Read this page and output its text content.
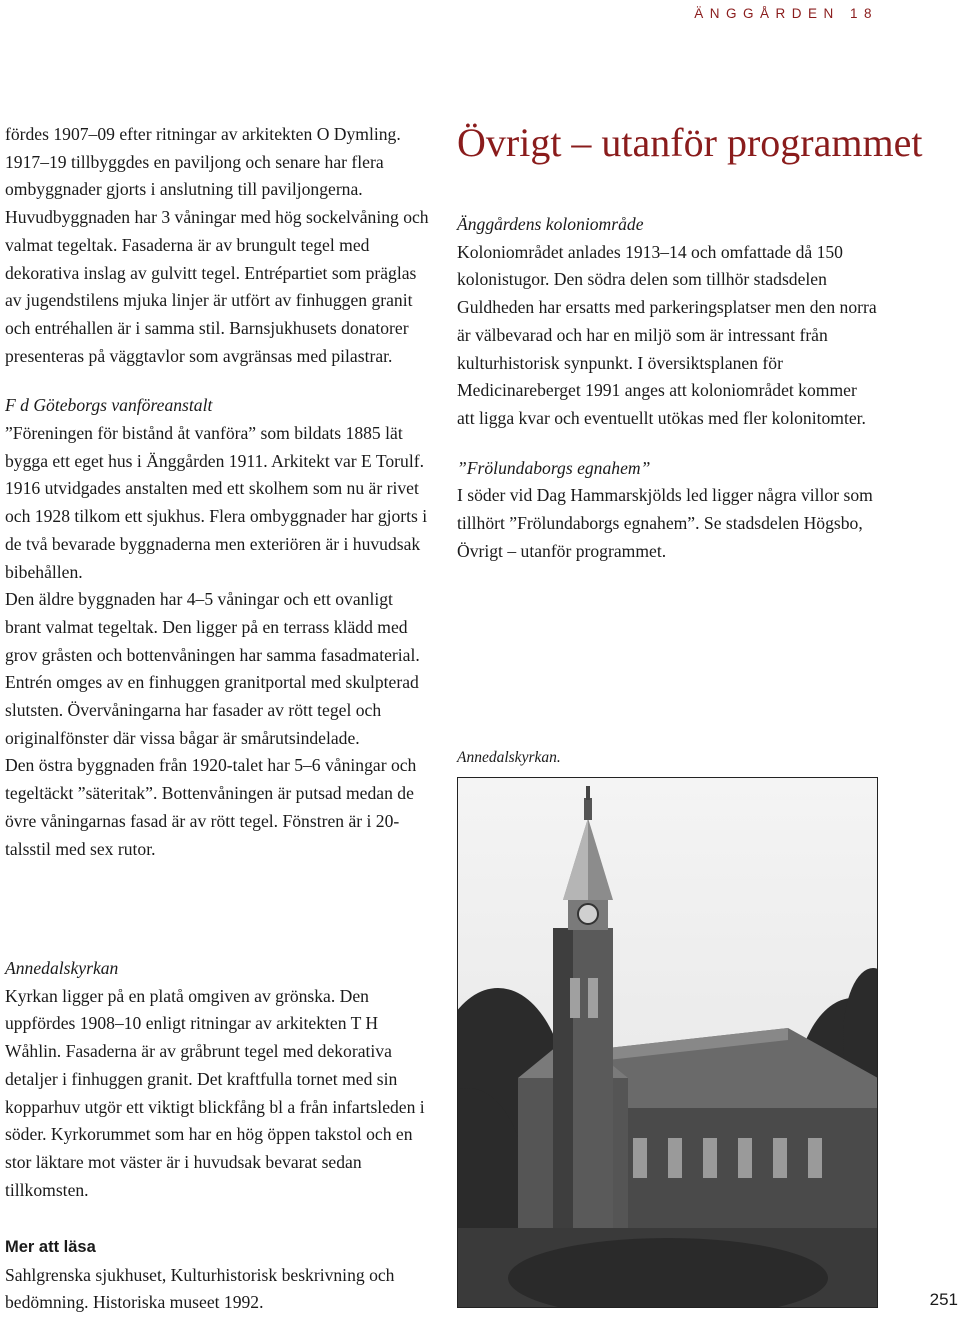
ÄNGGÅRDEN 18

fördes 1907–09 efter ritningar av arkitekten O Dymling. 1917–19 tillbyggdes en paviljong och senare har flera ombyggnader gjorts i anslutning till paviljongerna. Huvudbyggnaden har 3 våningar med hög sockelvåning och valmat tegeltak. Fasaderna är av brungult tegel med dekorativa inslag av gulvitt tegel. Entrépartiet som präglas av jugendstilens mjuka linjer är utfört av finhuggen granit och entréhallen är i samma stil. Barnsjukhusets donatorer presenteras på väggtavlor som avgränsas med pilastrar.

F d Göteborgs vanföreanstalt

”Föreningen för bistånd åt vanföra” som bildats 1885 lät bygga ett eget hus i Änggården 1911. Arkitekt var E Torulf. 1916 utvidgades anstalten med ett skolhem som nu är rivet och 1928 tilkom ett sjukhus. Flera ombyggnader har gjorts i de två bevarade byggnaderna men exteriören är i huvudsak bibehållen.

Den äldre byggnaden har 4–5 våningar och ett ovanligt brant valmat tegeltak. Den ligger på en terrass klädd med grov gråsten och bottenvåningen har samma fasadmaterial. Entrén omges av en finhuggen granitportal med skulpterad slutsten. Övervåningarna har fasader av rött tegel och originalfönster där vissa bågar är smårutsindelade.

Den östra byggnaden från 1920-talet har 5–6 våningar och tegeltäckt ”säteritak”. Bottenvåningen är putsad medan de övre våningarnas fasad är av rött tegel. Fönstren är i 20-talsstil med sex rutor.

Annedalskyrkan

Kyrkan ligger på en platå omgiven av grönska. Den uppfördes 1908–10 enligt ritningar av arkitekten T H Wåhlin. Fasaderna är av gråbrunt tegel med dekorativa detaljer i finhuggen granit. Det kraftfulla tornet med sin kopparhuv utgör ett viktigt blickfång bl a från infartsleden i söder. Kyrkorummet som har en hög öppen takstol och en stor läktare mot väster är i huvudsak bevarat sedan tillkomsten.

Mer att läsa

Sahlgrenska sjukhuset, Kulturhistorisk beskrivning och bedömning. Historiska museet 1992.

Övrigt – utanför programmet

Änggårdens koloniområde

Koloniområdet anlades 1913–14 och omfattade då 150 kolonistugor. Den södra delen som tillhör stadsdelen Guldheden har ersatts med parkeringsplatser men den norra är välbevarad och har en miljö som är intressant från kulturhistorisk synpunkt. I översiktsplanen för Medicinareberget 1991 anges att koloniområdet kommer att ligga kvar och eventuellt utökas med fler kolonitomter.

”Frölundaborgs egnahem”

I söder vid Dag Hammarskjölds led ligger några villor som tillhört ”Frölundaborgs egnahem”. Se stadsdelen Högsbo, Övrigt – utanför programmet.

Annedalskyrkan.
251
